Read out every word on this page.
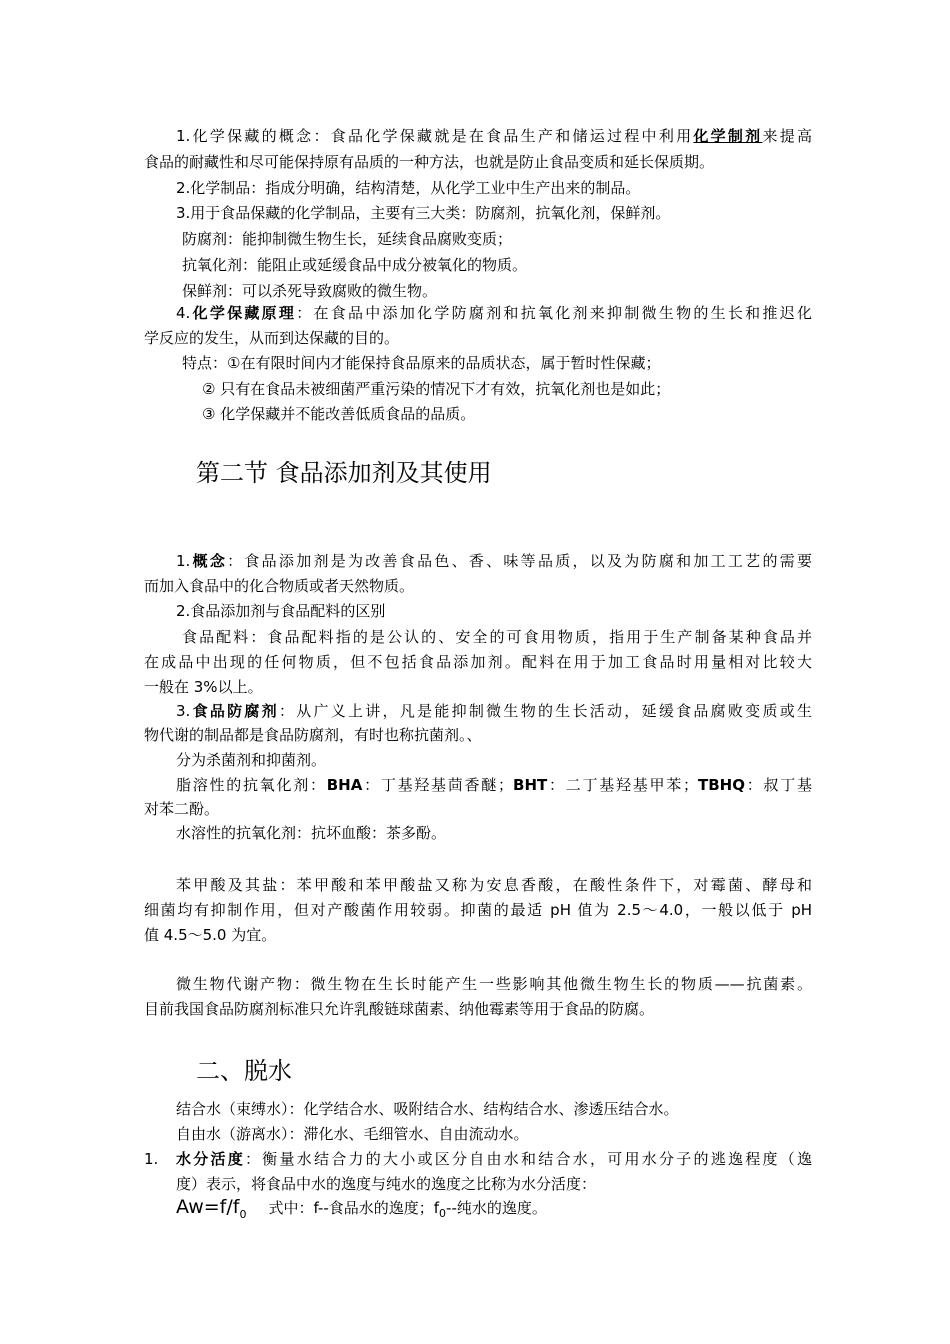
1.化学保藏的概念：食品化学保藏就是在食品生产和储运过程中利用化学制剂来提高
食品的耐藏性和尽可能保持原有品质的一种方法，也就是防止食品变质和延长保质期。
2.化学制品：指成分明确，结构清楚，从化学工业中生产出来的制品。
3.用于食品保藏的化学制品，主要有三大类：防腐剂，抗氧化剂，保鲜剂。
防腐剂：能抑制微生物生长，延续食品腐败变质；
抗氧化剂：能阻止或延缓食品中成分被氧化的物质。
保鲜剂：可以杀死导致腐败的微生物。
4.化学保藏原理：在食品中添加化学防腐剂和抗氧化剂来抑制微生物的生长和推迟化
学反应的发生，从而到达保藏的目的。
特点：①在有限时间内才能保持食品原来的品质状态，属于暂时性保藏；
② 只有在食品未被细菌严重污染的情况下才有效，抗氧化剂也是如此；
③ 化学保藏并不能改善低质食品的品质。
第二节 食品添加剂及其使用
1.概念：食品添加剂是为改善食品色、香、味等品质，以及为防腐和加工工艺的需要
而加入食品中的化合物质或者天然物质。
2.食品添加剂与食品配料的区别
食品配料：食品配料指的是公认的、安全的可食用物质，指用于生产制备某种食品并
在成品中出现的任何物质，但不包括食品添加剂。配料在用于加工食品时用量相对比较大
一般在 3%以上。
3.食品防腐剂：从广义上讲，凡是能抑制微生物的生长活动，延缓食品腐败变质或生
物代谢的制品都是食品防腐剂，有时也称抗菌剂。、
分为杀菌剂和抑菌剂。
脂溶性的抗氧化剂：BHA：丁基羟基茴香醚；BHT：二丁基羟基甲苯；TBHQ：叔丁基
对苯二酚。
水溶性的抗氧化剂：抗坏血酸：茶多酚。
苯甲酸及其盐：苯甲酸和苯甲酸盐又称为安息香酸，在酸性条件下，对霉菌、酵母和
细菌均有抑制作用，但对产酸菌作用较弱。抑菌的最适 pH 值为 2.5～4.0，一般以低于 pH
值 4.5～5.0 为宜。
微生物代谢产物：微生物在生长时能产生一些影响其他微生物生长的物质——抗菌素。
目前我国食品防腐剂标准只允许乳酸链球菌素、纳他霉素等用于食品的防腐。
二、脱水
结合水（束缚水）：化学结合水、吸附结合水、结构结合水、渗透压结合水。
自由水（游离水）：滞化水、毛细管水、自由流动水。
1.	水分活度：衡量水结合力的大小或区分自由水和结合水，可用水分子的逃逸程度（逸
度）表示，将食品中水的逸度与纯水的逸度之比称为水分活度：
$Aw=f/f_0$ 式中：f--食品水的逸度；$f_0--$纯水的逸度。
